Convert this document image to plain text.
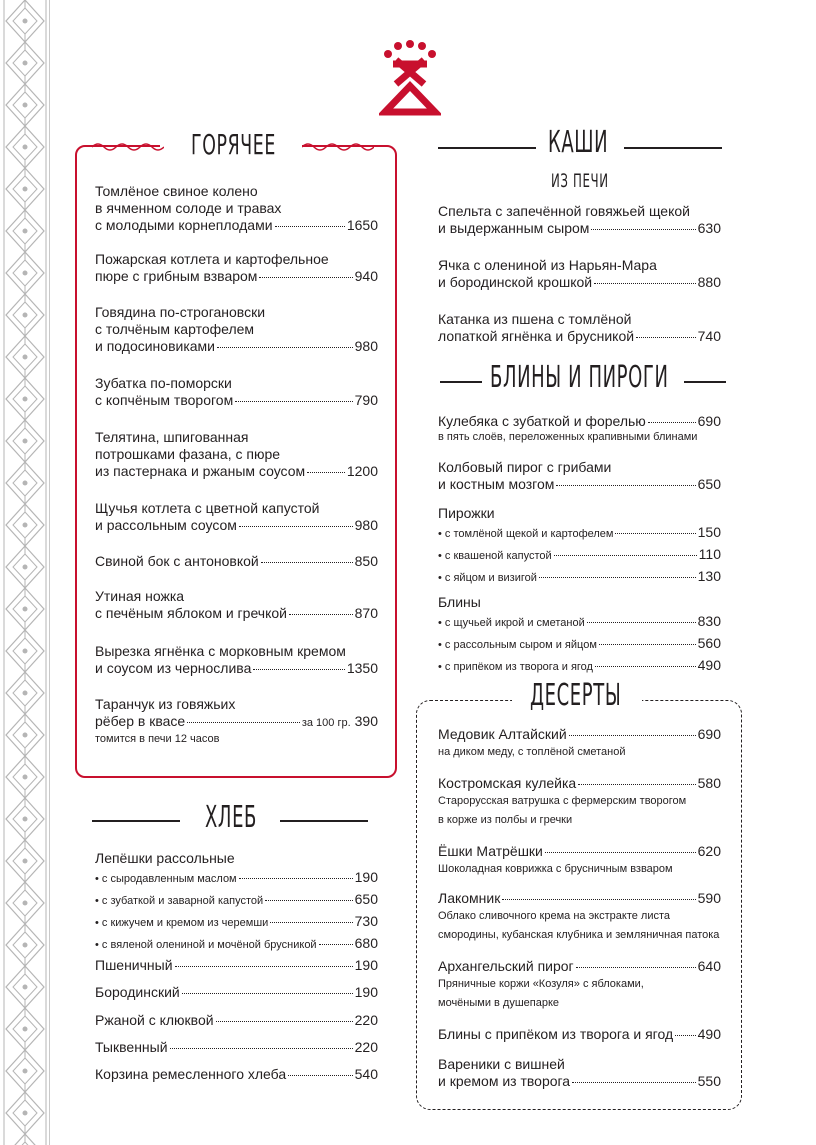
ГОРЯЧЕЕ
Томлёное свиное колено
в ячменном солоде и травах
с молодыми корнеплодами	1650
Пожарская котлета и картофельное
пюре с грибным взваром	940
Говядина по-строгановски
с толчёным картофелем
и подосиновиками	980
Зубатка по-поморски
с копчёным творогом	790
Телятина, шпигованная
потрошками фазана, с пюре
из пастернака и ржаным соусом	1200
Щучья котлета с цветной капустой
и рассольным соусом	980
Свиной бок с антоновкой	850
Утиная ножка
с печёным яблоком и гречкой	870
Вырезка ягнёнка с морковным кремом
и соусом из чернослива	1350
Таранчук из говяжьих
рёбер в квасе	за 100 гр. 390
томится в печи 12 часов
КАШИ
ИЗ ПЕЧИ
Спельта с запечённой говяжьей щекой
и выдержанным сыром	630
Ячка с олениной из Нарьян-Мара
и бородинской крошкой	880
Катанка из пшена с томлёной
лопаткой ягнёнка и брусникой	740
БЛИНЫ И ПИРОГИ
Кулебяка с зубаткой и форелью	690
в пять слоёв, переложенных крапивными блинами
Колбовый пирог с грибами
и костным мозгом	650
Пирожки
• с томлёной щекой и картофелем	150
• с квашеной капустой	110
• с яйцом и визигой	130
Блины
• с щучьей икрой и сметаной	830
• с рассольным сыром и яйцом	560
• с припёком из творога и ягод	490
ХЛЕБ
Лепёшки рассольные
• с сыродавленным маслом	190
• с зубаткой и заварной капустой	650
• с кижучем и кремом из черемши	730
• с вяленой олениной и мочёной брусникой	680
Пшеничный	190
Бородинский	190
Ржаной с клюквой	220
Тыквенный	220
Корзина ремесленного хлеба	540
ДЕСЕРТЫ
Медовик Алтайский	690
на диком меду, с топлёной сметаной
Костромская кулейка	580
Старорусская ватрушка с фермерским творогом
в корже из полбы и гречки
Ёшки Матрёшки	620
Шоколадная коврижка с брусничным взваром
Лакомник	590
Облако сливочного крема на экстракте листа
смородины, кубанская клубника и земляничная патока
Архангельский пирог	640
Пряничные коржи «Козуля» с яблоками,
мочёными в душепарке
Блины с припёком из творога и ягод 490
Вареники с вишней
и кремом из творога	550
